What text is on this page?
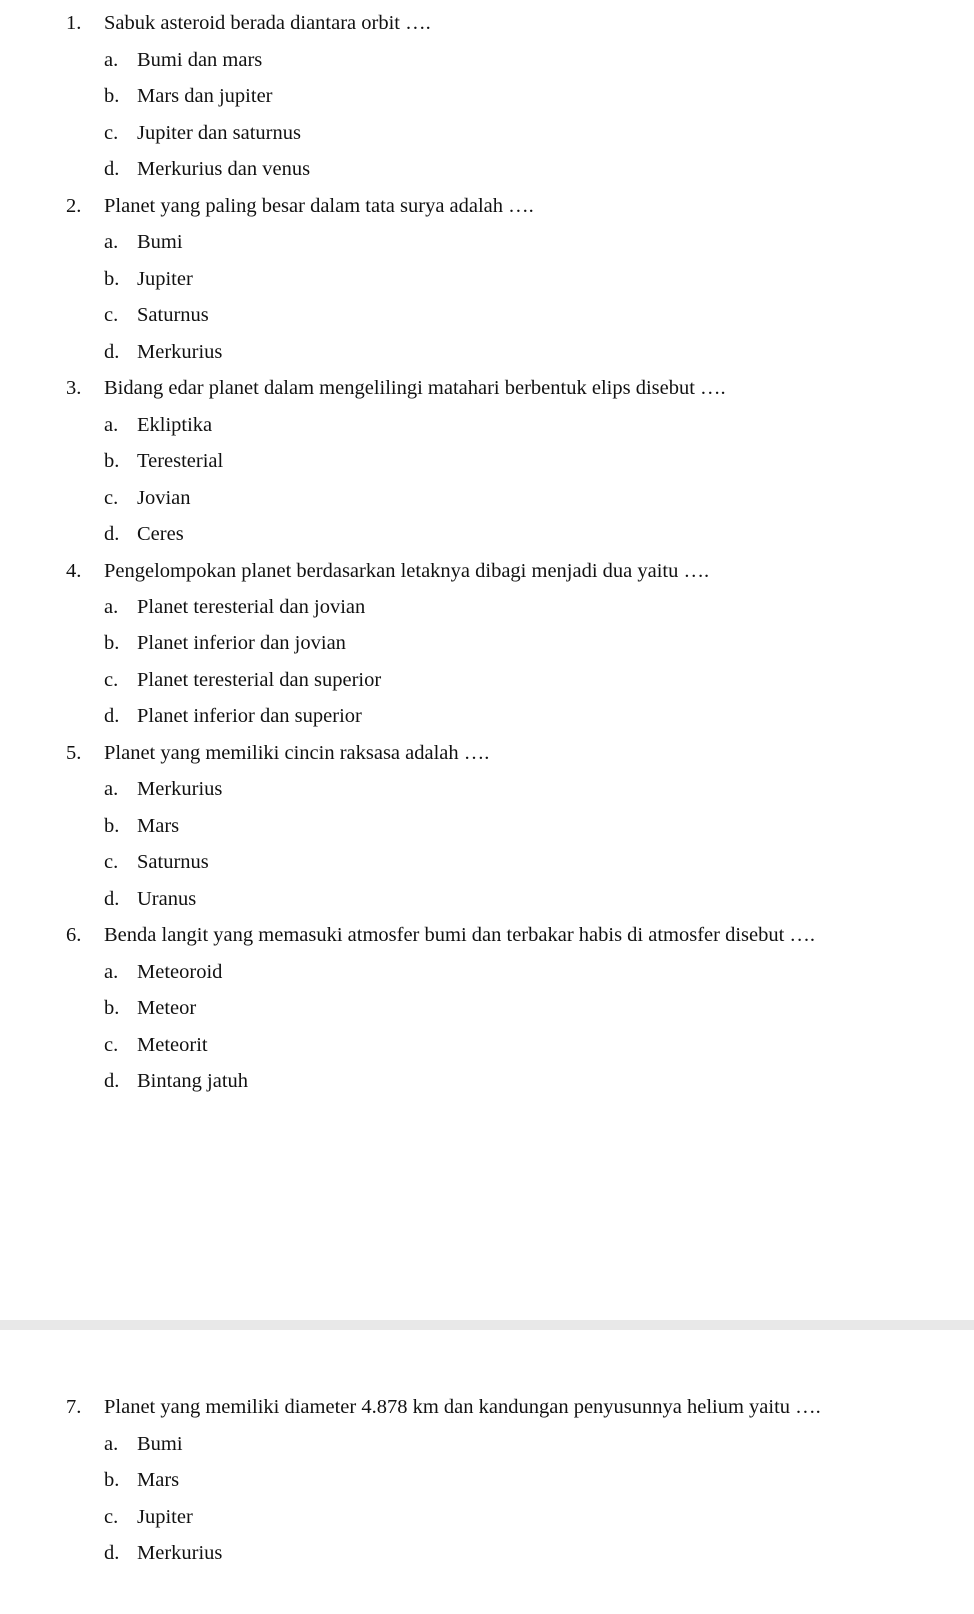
1. Sabuk asteroid berada diantara orbit ….
a. Bumi dan mars
b. Mars dan jupiter
c. Jupiter dan saturnus
d. Merkurius dan venus
2. Planet yang paling besar dalam tata surya adalah ….
a. Bumi
b. Jupiter
c. Saturnus
d. Merkurius
3. Bidang edar planet dalam mengelilingi matahari berbentuk elips disebut ….
a. Ekliptika
b. Teresterial
c. Jovian
d. Ceres
4. Pengelompokan planet berdasarkan letaknya dibagi menjadi dua yaitu ….
a. Planet teresterial dan jovian
b. Planet inferior dan jovian
c. Planet teresterial dan superior
d. Planet inferior dan superior
5. Planet yang memiliki cincin raksasa adalah ….
a. Merkurius
b. Mars
c. Saturnus
d. Uranus
6. Benda langit yang memasuki atmosfer bumi dan terbakar habis di atmosfer disebut ….
a. Meteoroid
b. Meteor
c. Meteorit
d. Bintang jatuh
7. Planet yang memiliki diameter 4.878 km dan kandungan penyusunnya helium yaitu ….
a. Bumi
b. Mars
c. Jupiter
d. Merkurius
